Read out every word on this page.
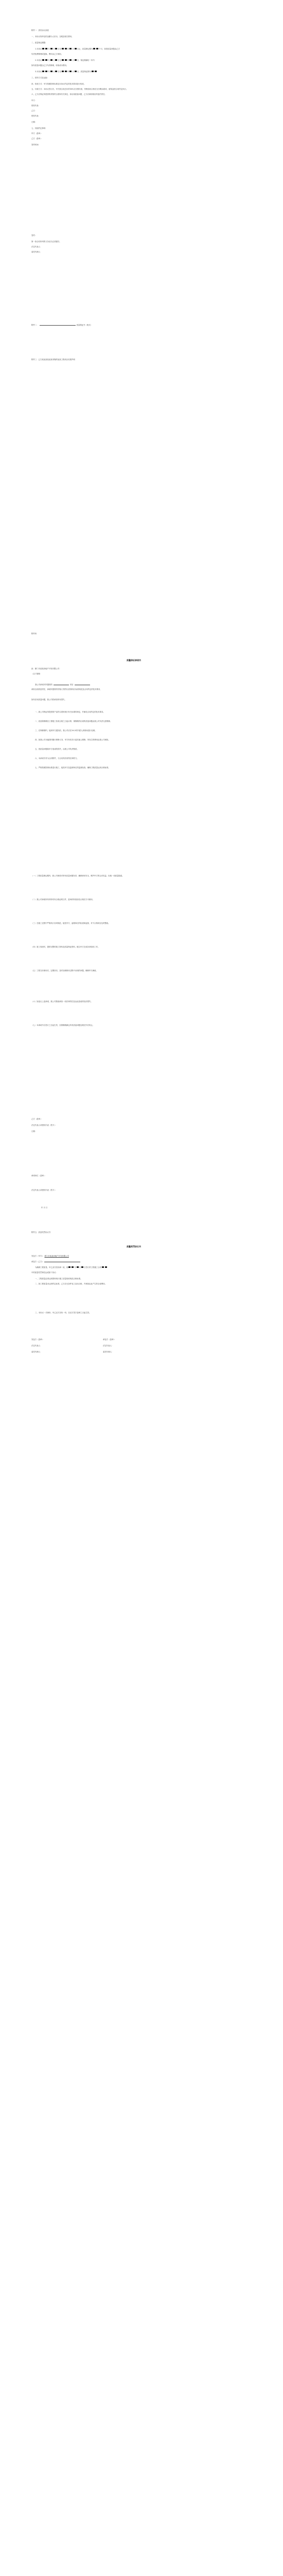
附件一：供货协议条款
一、本协议所涉及的金额为人民币，含税及相关费用。
二、质量保证期限：
1.本协议	年 月 日至	年 月 日止，质量保证期为	个月，如因质量问题由乙方
负责免费修理或更换，费用由乙方承担。
2.本协议	年 月 日至	年 月 日，保证期满后一年内
如有质量问题由乙方负责修理，收取成本费用。
3.本协议	年 月 日至	年 月 日，质量保证期为
三、供货方式及运输：
四、验收方式：甲方按照国家标准及本协议约定的技术要求进行验收。
五、付款方式：本协议签订后，甲方按合同总价的30%支付预付款，货物验收合格后支付剩余款项，质保金按合同约定执行。
六、乙方应保证所提供的货物符合国家有关规定，如出现质量问题，乙方应承担相应的违约责任。
甲方：
授权代表：
乙方：
授权代表：
日期：
七、其他约定事项：
甲方（盖章）：
乙方（盖章）：
签约时间：
签约：
第一条合同所列的义务双方必须遵守。
法定代表人：
委托代理人：
附件二：	质量保证书（格式）
附件三：已方某某某某某某采购的某某工程项目结果声明
附件四
质量保证承诺书
致：厦门市某某房地产开发有限公司：
（以下简称：
我公司承诺对所提供的	项目
承担全部质量责任，承诺所提供的货物/工程符合国家现行标准规范及合同约定的技术要求，
如有任何质量问题，我公司将承担所有损失。
一、我公司保证所提供的产品符合国家现行有关标准的规定，并满足合同约定的技术要求。
二、质量保修期自工程竣工验收合格之日起计算，保修期内出现的质量问题由我公司负责无偿维修。
三、在保修期内，接到甲方通知后，我公司应在24小时内派人到现场进行处理。
四、如我公司未能按时履行保修义务，甲方有权另行委托他人维修，所发生的费用由我公司承担。
五、因质量问题给甲方造成的损失，由我公司负责赔偿。
六、本承诺书作为合同附件，与合同具有同等法律效力。
七、严格按照国家标准进行施工，接受甲方及监理单位的监督检查，确保工程质量达到合格标准。
（一）工程质量保证期内，我公司承诺对所有质量问题负责，确保使用安全，维护甲方的合法权益，杜绝一切质量隐患。
（二）我公司承诺所有材料均有合格证明文件，进场材料经检验合格后方可使用。
（三）在施工过程中严格执行各项规范，接受甲方、监理单位的检查和监督，对不合格项目及时整改。
（四）竣工验收时，提供完整的竣工资料及质量保证资料，配合甲方完成各项验收工作。
（五）工程交付使用后，定期回访，及时处理使用过程中出现的问题，确保甲方满意。
（六）如违反上述承诺，我公司愿意承担一切法律责任及由此造成的经济损失。
（七）本承诺书自签订之日起生效，至保修期满且所有质量问题处理完毕后终止。
乙方（盖章）：
法定代表人或授权代表（签字）：
日期：
承诺单位（盖章）：
法定代表人或授权代表（签字）：
年 月 日
附件五：质量奖罚协议书
质量奖罚协议书
发包方（甲方）：厦门市某某房地产开发有限公司
承包方（乙方）：
为确保工程质量，甲乙双方经协商一致，就	年 月 日签订的工程施工合同
中的质量奖罚事宜达成如下协议：
一、工程质量必须达到国家现行施工质量验收规范合格标准。
二、如工程质量未达到约定标准，乙方应无条件返工直至合格，并承担由此产生的全部费用。
三、本协议一式两份，甲乙双方各执一份，自双方签字盖章之日起生效。
发包方（盖章）：	承包方（盖章）：
法定代表人：	法定代表人：
委托代理人：	委托代理人：
